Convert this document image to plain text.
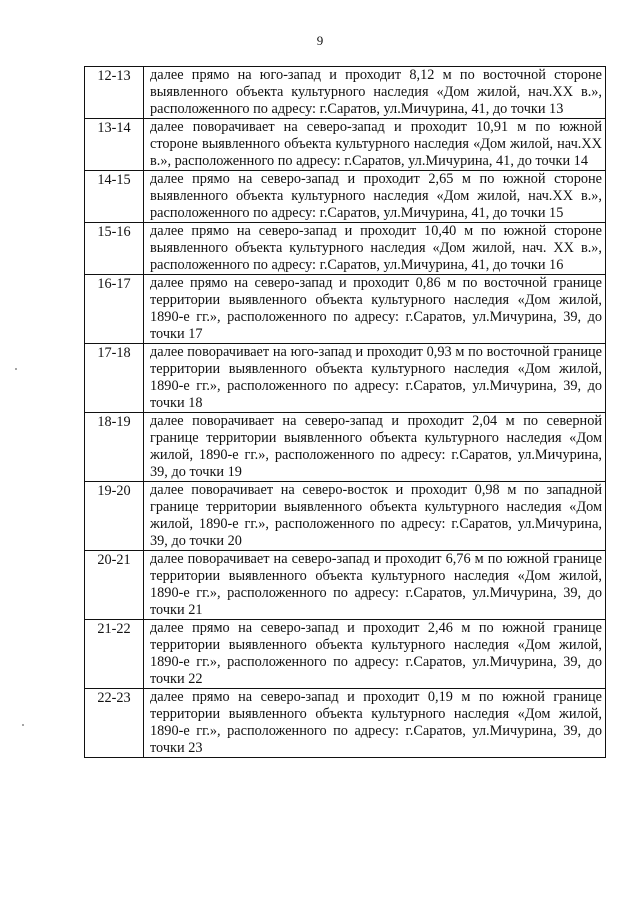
9
12-13	далее прямо на юго-запад и проходит 8,12 м по восточной стороне выявленного объекта культурного наследия «Дом жилой, нач.XX в.», расположенного по адресу: г.Саратов, ул.Мичурина, 41, до точки 13
13-14	далее поворачивает на северо-запад и проходит 10,91 м по южной стороне выявленного объекта культурного наследия «Дом жилой, нач.XX в.», расположенного по адресу: г.Саратов, ул.Мичурина, 41, до точки 14
14-15	далее прямо на северо-запад и проходит 2,65 м по южной стороне выявленного объекта культурного наследия «Дом жилой, нач.XX в.», расположенного по адресу: г.Саратов, ул.Мичурина, 41, до точки 15
15-16	далее прямо на северо-запад и проходит 10,40 м по южной стороне выявленного объекта культурного наследия «Дом жилой, нач. XX в.», расположенного по адресу: г.Саратов, ул.Мичурина, 41, до точки 16
16-17	далее прямо на северо-запад и проходит 0,86 м по восточной границе территории выявленного объекта культурного наследия «Дом жилой, 1890-е гг.», расположенного по адресу: г.Саратов, ул.Мичурина, 39, до точки 17
17-18	далее поворачивает на юго-запад и проходит 0,93 м по восточной границе территории выявленного объекта культурного наследия «Дом жилой, 1890-е гг.», расположенного по адресу: г.Саратов, ул.Мичурина, 39, до точки 18
18-19	далее поворачивает на северо-запад и проходит 2,04 м по северной границе территории выявленного объекта культурного наследия «Дом жилой, 1890-е гг.», расположенного по адресу: г.Саратов, ул.Мичурина, 39, до точки 19
19-20	далее поворачивает на северо-восток и проходит 0,98 м по западной границе территории выявленного объекта культурного наследия «Дом жилой, 1890-е гг.», расположенного по адресу: г.Саратов, ул.Мичурина, 39, до точки 20
20-21	далее поворачивает на северо-запад и проходит 6,76 м по южной границе территории выявленного объекта культурного наследия «Дом жилой, 1890-е гг.», расположенного по адресу: г.Саратов, ул.Мичурина, 39, до точки 21
21-22	далее прямо на северо-запад и проходит 2,46 м по южной границе территории выявленного объекта культурного наследия «Дом жилой, 1890-е гг.», расположенного по адресу: г.Саратов, ул.Мичурина, 39, до точки 22
22-23	далее прямо на северо-запад и проходит 0,19 м по южной границе территории выявленного объекта культурного наследия «Дом жилой, 1890-е гг.», расположенного по адресу: г.Саратов, ул.Мичурина, 39, до точки 23
